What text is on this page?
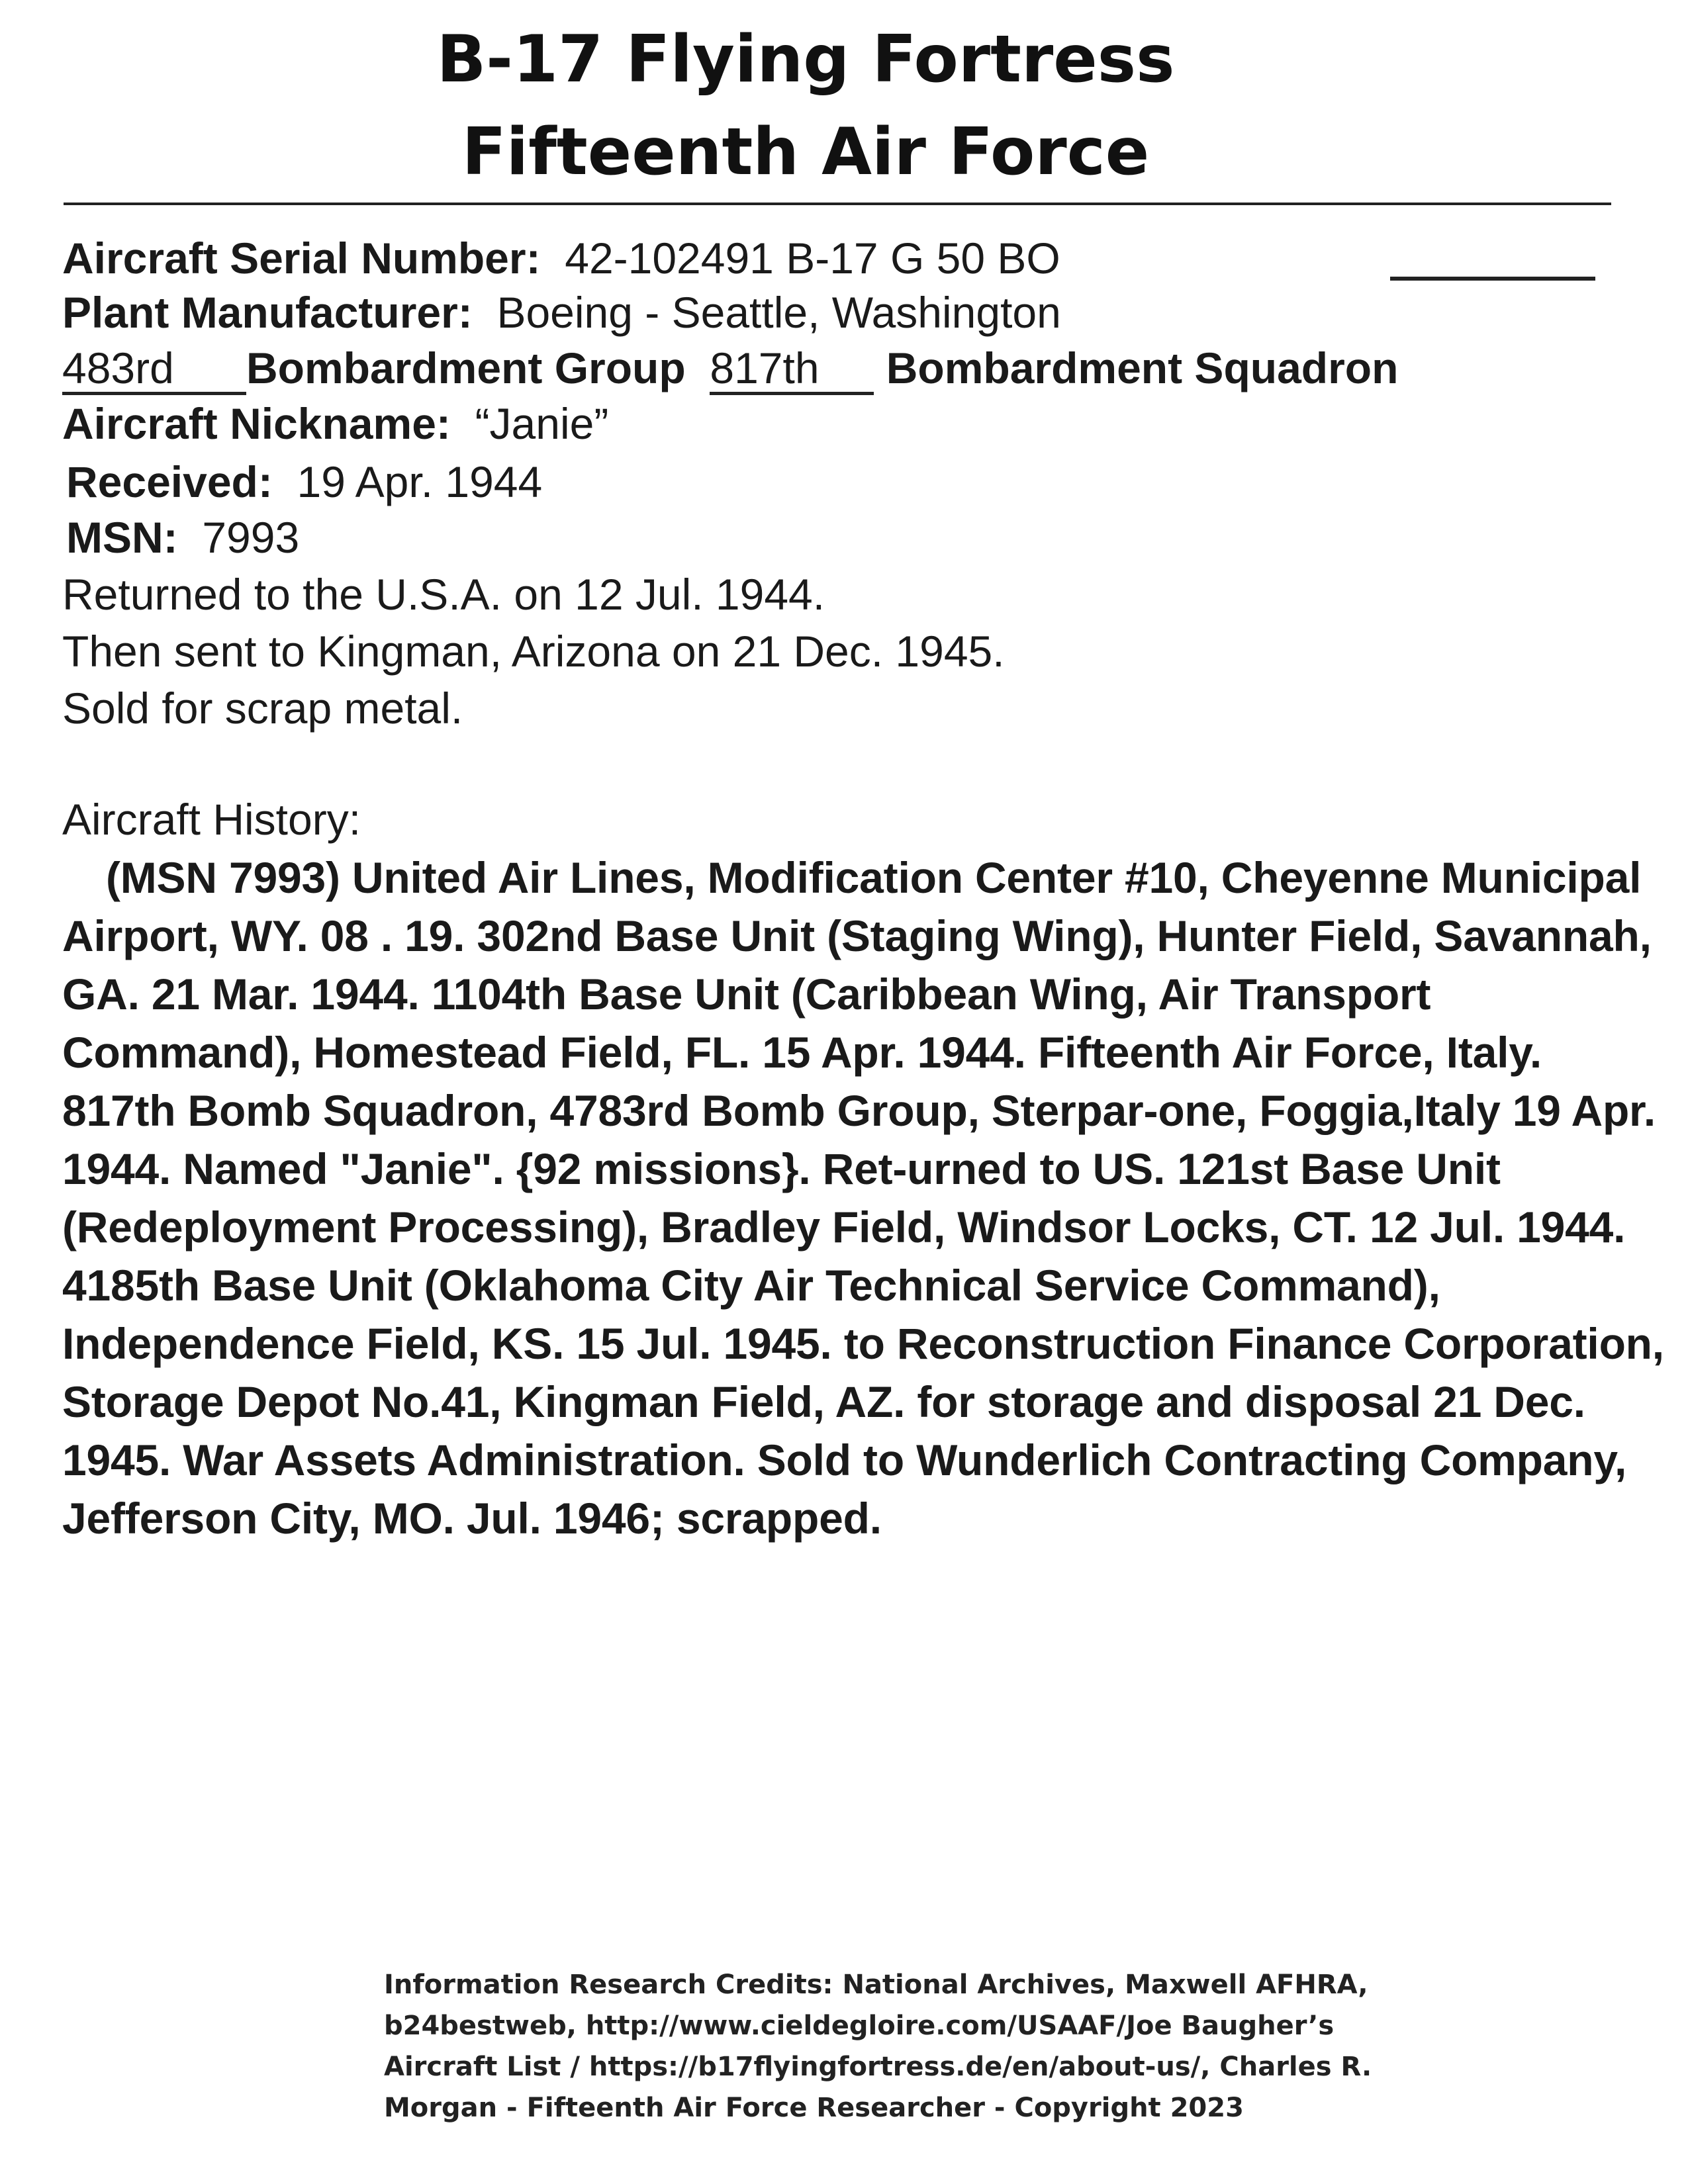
B-17 Flying Fortress
Fifteenth Air Force
Aircraft Serial Number: 42-102491 B-17 G 50 BO
Plant Manufacturer: Boeing - Seattle, Washington
483rd Bombardment Group 817th Bombardment Squadron
Aircraft Nickname: “Janie”
Received: 19 Apr. 1944
MSN: 7993
Returned to the U.S.A. on 12 Jul. 1944.
Then sent to Kingman, Arizona on 21 Dec. 1945.
Sold for scrap metal.
Aircraft History:

(MSN 7993) United Air Lines, Modification Center #10, Cheyenne Municipal Airport, WY. 08 . 19. 302nd Base Unit (Staging Wing), Hunter Field, Savannah, GA. 21 Mar. 1944. 1104th Base Unit (Caribbean Wing, Air Transport Command), Homestead Field, FL. 15 Apr. 1944. Fifteenth Air Force, Italy. 817th Bomb Squadron, 4783rd Bomb Group, Sterpar-one, Foggia,Italy 19 Apr. 1944. Named "Janie". {92 missions}. Ret-urned to US. 121st Base Unit (Redeployment Processing), Bradley Field, Windsor Locks, CT. 12 Jul. 1944. 4185th Base Unit (Oklahoma City Air Technical Service Command), Independence Field, KS. 15 Jul. 1945. to Reconstruction Finance Corporation, Storage Depot No.41, Kingman Field, AZ. for storage and disposal 21 Dec. 1945. War Assets Administration. Sold to Wunderlich Contracting Company, Jefferson City, MO. Jul. 1946; scrapped.

Information Research Credits: National Archives, Maxwell AFHRA, b24bestweb, http://www.cieldegloire.com/USAAF/Joe Baugher’s Aircraft List / https://b17flyingfortress.de/en/about-us/, Charles R. Morgan - Fifteenth Air Force Researcher - Copyright 2023
